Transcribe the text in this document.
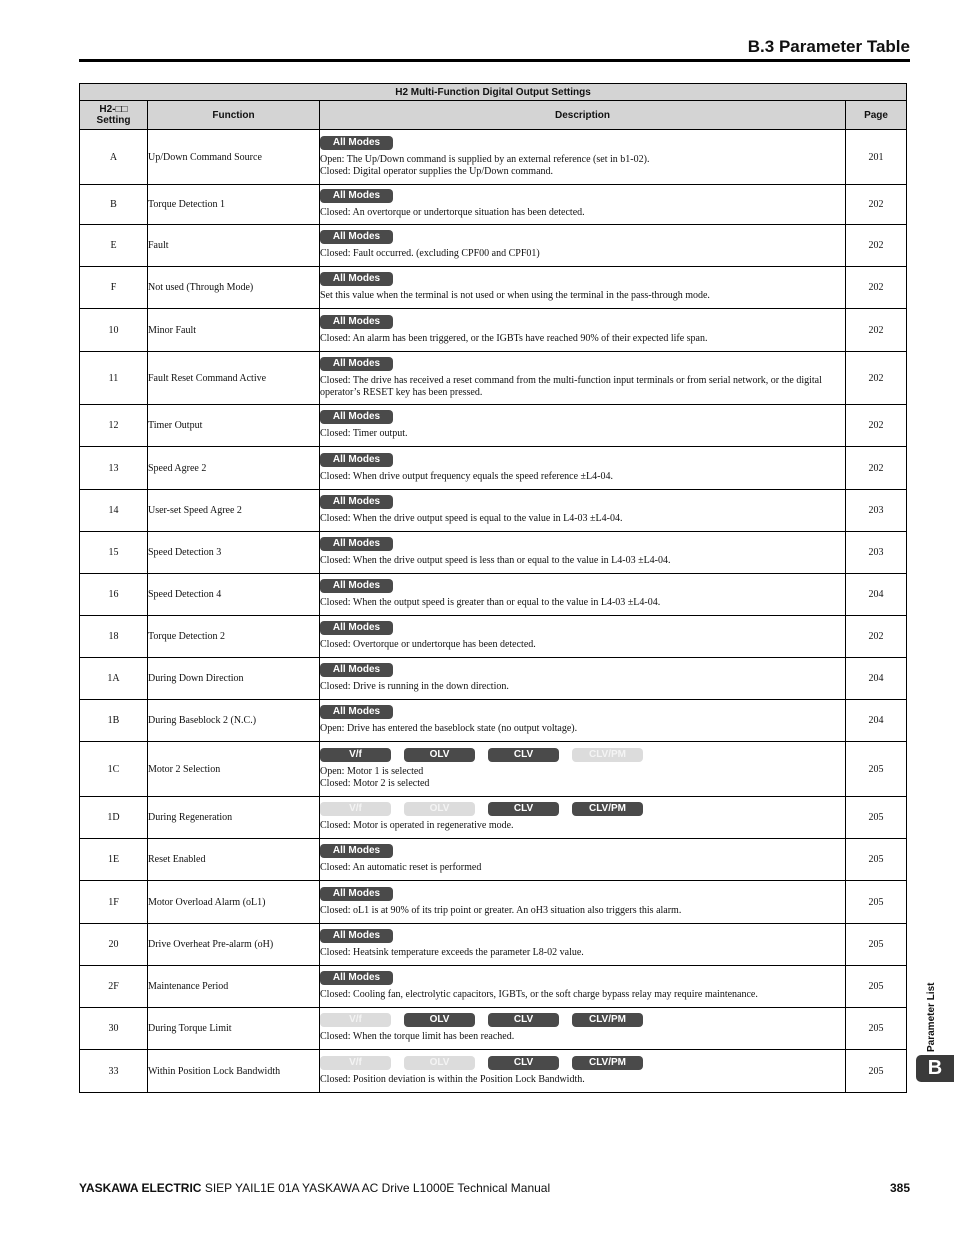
B.3 Parameter Table
H2 Multi-Function Digital Output Settings			
H2-□□
Setting	Function	Description	Page
A	Up/Down Command Source	All Modes
Open: The Up/Down command is supplied by an external reference (set in b1-02).
Closed: Digital operator supplies the Up/Down command.	201
B	Torque Detection 1	All Modes
Closed: An overtorque or undertorque situation has been detected.	202
E	Fault	All Modes
Closed: Fault occurred. (excluding CPF00 and CPF01)	202
F	Not used (Through Mode)	All Modes
Set this value when the terminal is not used or when using the terminal in the pass-through mode.	202
10	Minor Fault	All Modes
Closed: An alarm has been triggered, or the IGBTs have reached 90% of their expected life span.	202
11	Fault Reset Command Active	All Modes
Closed: The drive has received a reset command from the multi-function input terminals or from serial network, or the digital operator’s RESET key has been pressed.	202
12	Timer Output	All Modes
Closed: Timer output.	202
13	Speed Agree 2	All Modes
Closed: When drive output frequency equals the speed reference ±L4-04.	202
14	User-set Speed Agree 2	All Modes
Closed: When the drive output speed is equal to the value in L4-03 ±L4-04.	203
15	Speed Detection 3	All Modes
Closed: When the drive output speed is less than or equal to the value in L4-03 ±L4-04.	203
16	Speed Detection 4	All Modes
Closed: When the output speed is greater than or equal to the value in L4-03 ±L4-04.	204
18	Torque Detection 2	All Modes
Closed: Overtorque or undertorque has been detected.	202
1A	During Down Direction	All Modes
Closed: Drive is running in the down direction.	204
1B	During Baseblock 2 (N.C.)	All Modes
Open: Drive has entered the baseblock state (no output voltage).	204
1C	Motor 2 Selection	V/f OLV CLV CLV/PM
Open: Motor 1 is selected
Closed: Motor 2 is selected	205
1D	During Regeneration	V/f OLV CLV CLV/PM
Closed: Motor is operated in regenerative mode.	205
1E	Reset Enabled	All Modes
Closed: An automatic reset is performed	205
1F	Motor Overload Alarm (oL1)	All Modes
Closed: oL1 is at 90% of its trip point or greater. An oH3 situation also triggers this alarm.	205
20	Drive Overheat Pre-alarm (oH)	All Modes
Closed: Heatsink temperature exceeds the parameter L8-02 value.	205
2F	Maintenance Period	All Modes
Closed: Cooling fan, electrolytic capacitors, IGBTs, or the soft charge bypass relay may require maintenance.	205
30	During Torque Limit	V/f OLV CLV CLV/PM
Closed: When the torque limit has been reached.	205
33	Within Position Lock Bandwidth	V/f OLV CLV CLV/PM
Closed: Position deviation is within the Position Lock Bandwidth.	205
Parameter List
B
YASKAWA ELECTRIC SIEP YAIL1E 01A YASKAWA AC Drive L1000E Technical Manual	385
